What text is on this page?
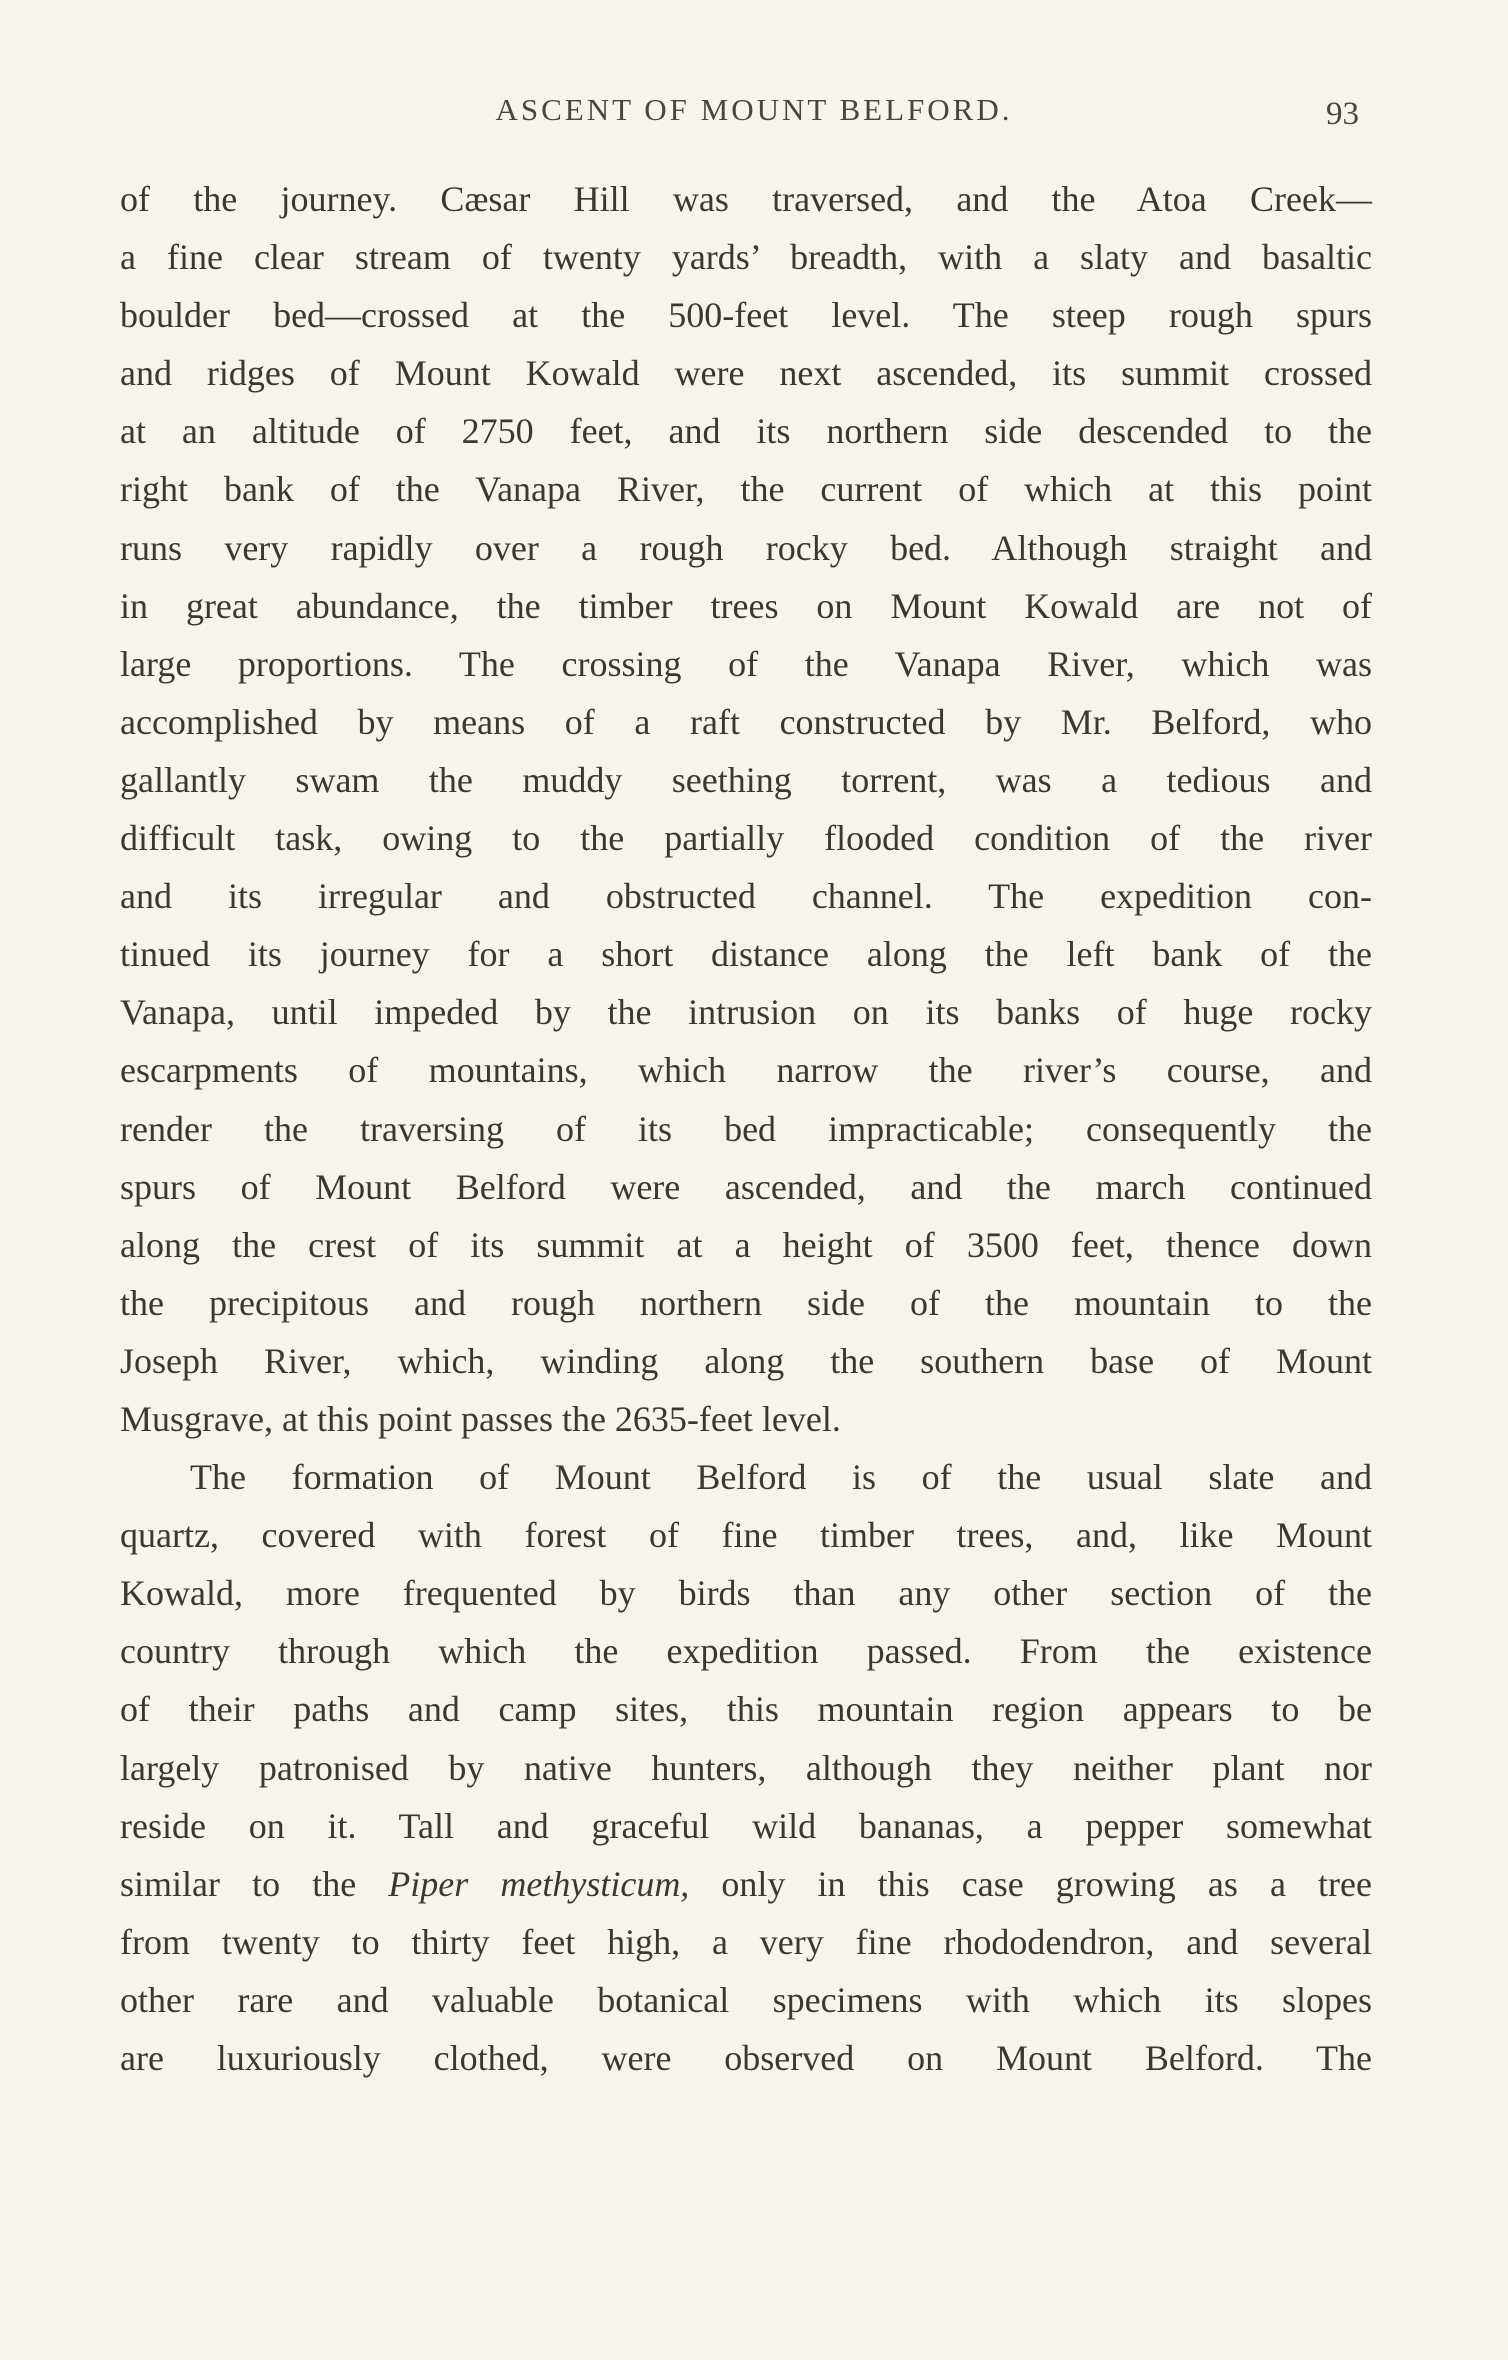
ASCENT OF MOUNT BELFORD.	93
of the journey. Cæsar Hill was traversed, and the Atoa Creek—
a fine clear stream of twenty yards’ breadth, with a slaty and basaltic
boulder bed—crossed at the 500-feet level. The steep rough spurs
and ridges of Mount Kowald were next ascended, its summit crossed
at an altitude of 2750 feet, and its northern side descended to the
right bank of the Vanapa River, the current of which at this point
runs very rapidly over a rough rocky bed. Although straight and
in great abundance, the timber trees on Mount Kowald are not of
large proportions. The crossing of the Vanapa River, which was
accomplished by means of a raft constructed by Mr. Belford, who
gallantly swam the muddy seething torrent, was a tedious and
difficult task, owing to the partially flooded condition of the river
and its irregular and obstructed channel. The expedition con-
tinued its journey for a short distance along the left bank of the
Vanapa, until impeded by the intrusion on its banks of huge rocky
escarpments of mountains, which narrow the river’s course, and
render the traversing of its bed impracticable; consequently the
spurs of Mount Belford were ascended, and the march continued
along the crest of its summit at a height of 3500 feet, thence down
the precipitous and rough northern side of the mountain to the
Joseph River, which, winding along the southern base of Mount
Musgrave, at this point passes the 2635-feet level.
The formation of Mount Belford is of the usual slate and
quartz, covered with forest of fine timber trees, and, like Mount
Kowald, more frequented by birds than any other section of the
country through which the expedition passed. From the existence
of their paths and camp sites, this mountain region appears to be
largely patronised by native hunters, although they neither plant nor
reside on it. Tall and graceful wild bananas, a pepper somewhat
similar to the Piper methysticum, only in this case growing as a tree
from twenty to thirty feet high, a very fine rhododendron, and several
other rare and valuable botanical specimens with which its slopes
are luxuriously clothed, were observed on Mount Belford. The
